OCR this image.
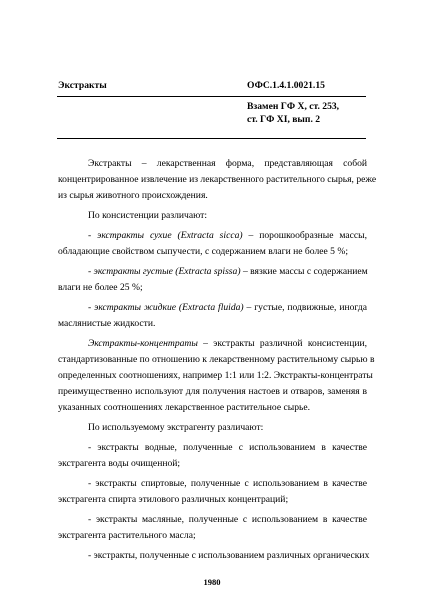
Экстракты	ОФС.1.4.1.0021.15
Взамен ГФ X, ст. 253,
ст. ГФ XI, вып. 2
Экстракты – лекарственная форма, представляющая собой
концентрированное извлечение из лекарственного растительного сырья, реже
из сырья животного происхождения.
По консистенции различают:
- экстракты сухие (Extracta sicca) – порошкообразные массы,
обладающие свойством сыпучести, с содержанием влаги не более 5 %;
- экстракты густые (Extracta spissa) – вязкие массы с содержанием
влаги не более 25 %;
- экстракты жидкие (Extracta fluida) – густые, подвижные, иногда
маслянистые жидкости.
Экстракты-концентраты – экстракты различной консистенции,
стандартизованные по отношению к лекарственному растительному сырью в
определенных соотношениях, например 1:1 или 1:2. Экстракты-концентраты
преимущественно используют для получения настоев и отваров, заменяя в
указанных соотношениях лекарственное растительное сырье.
По используемому экстрагенту различают:
- экстракты водные, полученные с использованием в качестве
экстрагента воды очищенной;
- экстракты спиртовые, полученные с использованием в качестве
экстрагента спирта этилового различных концентраций;
- экстракты масляные, полученные с использованием в качестве
экстрагента растительного масла;
- экстракты, полученные с использованием различных органических
1980
